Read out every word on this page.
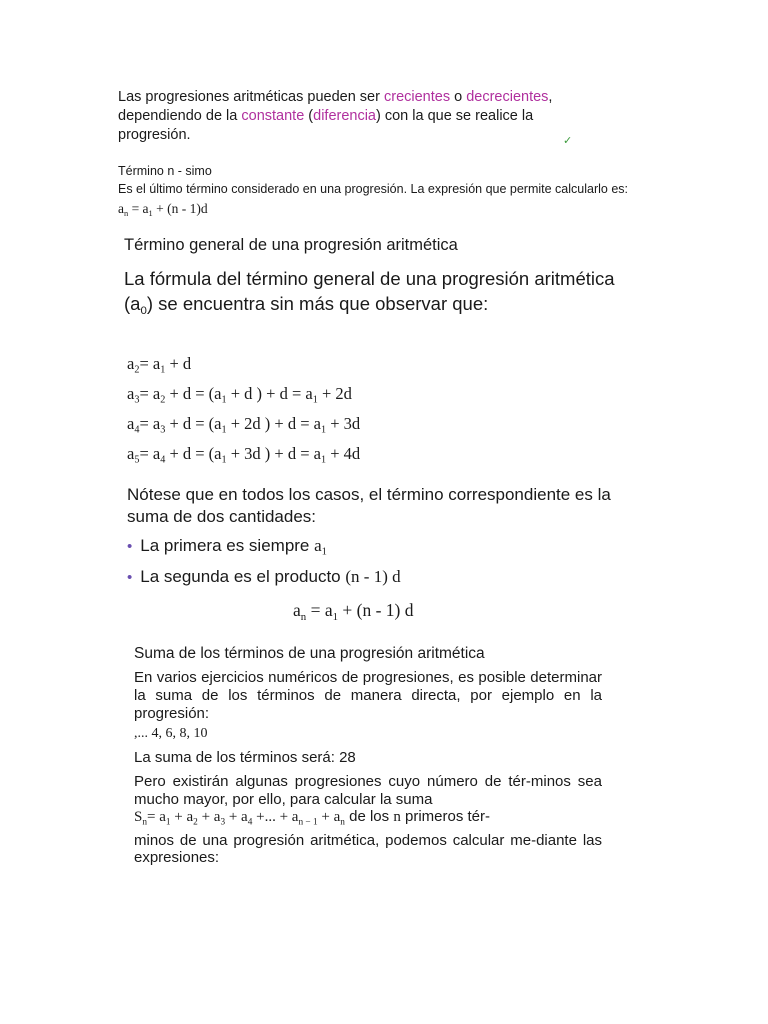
Las progresiones aritméticas pueden ser crecientes o decrecientes, dependiendo de la constante (diferencia) con la que se realice la progresión.	✓
Término n - simo
Es el último término considerado en una progresión. La expresión que permite calcularlo es:
$a_n = a_1 + (n - 1)d$
Término general de una progresión aritmética
La fórmula del término general de una progresión aritmética $(a_0)$ se encuentra sin más que observar que:
$a_2= a_1 + d$
$a_3= a_2 + d = (a_1 + d$ ) + $d = a_1 + 2d$
$a_4= a_3 + d = (a_1 + 2d$ ) + $d = a_1 + 3d$
$a_5= a_4 + d = (a_1 + 3d$ ) + $d = a_1 + 4d$
Nótese que en todos los casos, el término correspondiente es la suma de dos cantidades:
• La primera es siempre $a_1$
• La segunda es el producto (n - 1) d
$a_n = a_1 + (n - 1)$ d
Suma de los términos de una progresión aritmética
En varios ejercicios numéricos de progresiones, es posible determinar la suma de los términos de manera directa, por ejemplo en la progresión:
,... 4, 6, 8, 10
La suma de los términos será: 28
Pero existirán algunas progresiones cuyo número de tér-minos sea mucho mayor, por ello, para calcular la suma
$S_n= a_1 + a_2 + a_3 + a_4$ +... + $a_{n - 1} + a_n$ de los n primeros tér-
minos de una progresión aritmética, podemos calcular me-diante las expresiones:
